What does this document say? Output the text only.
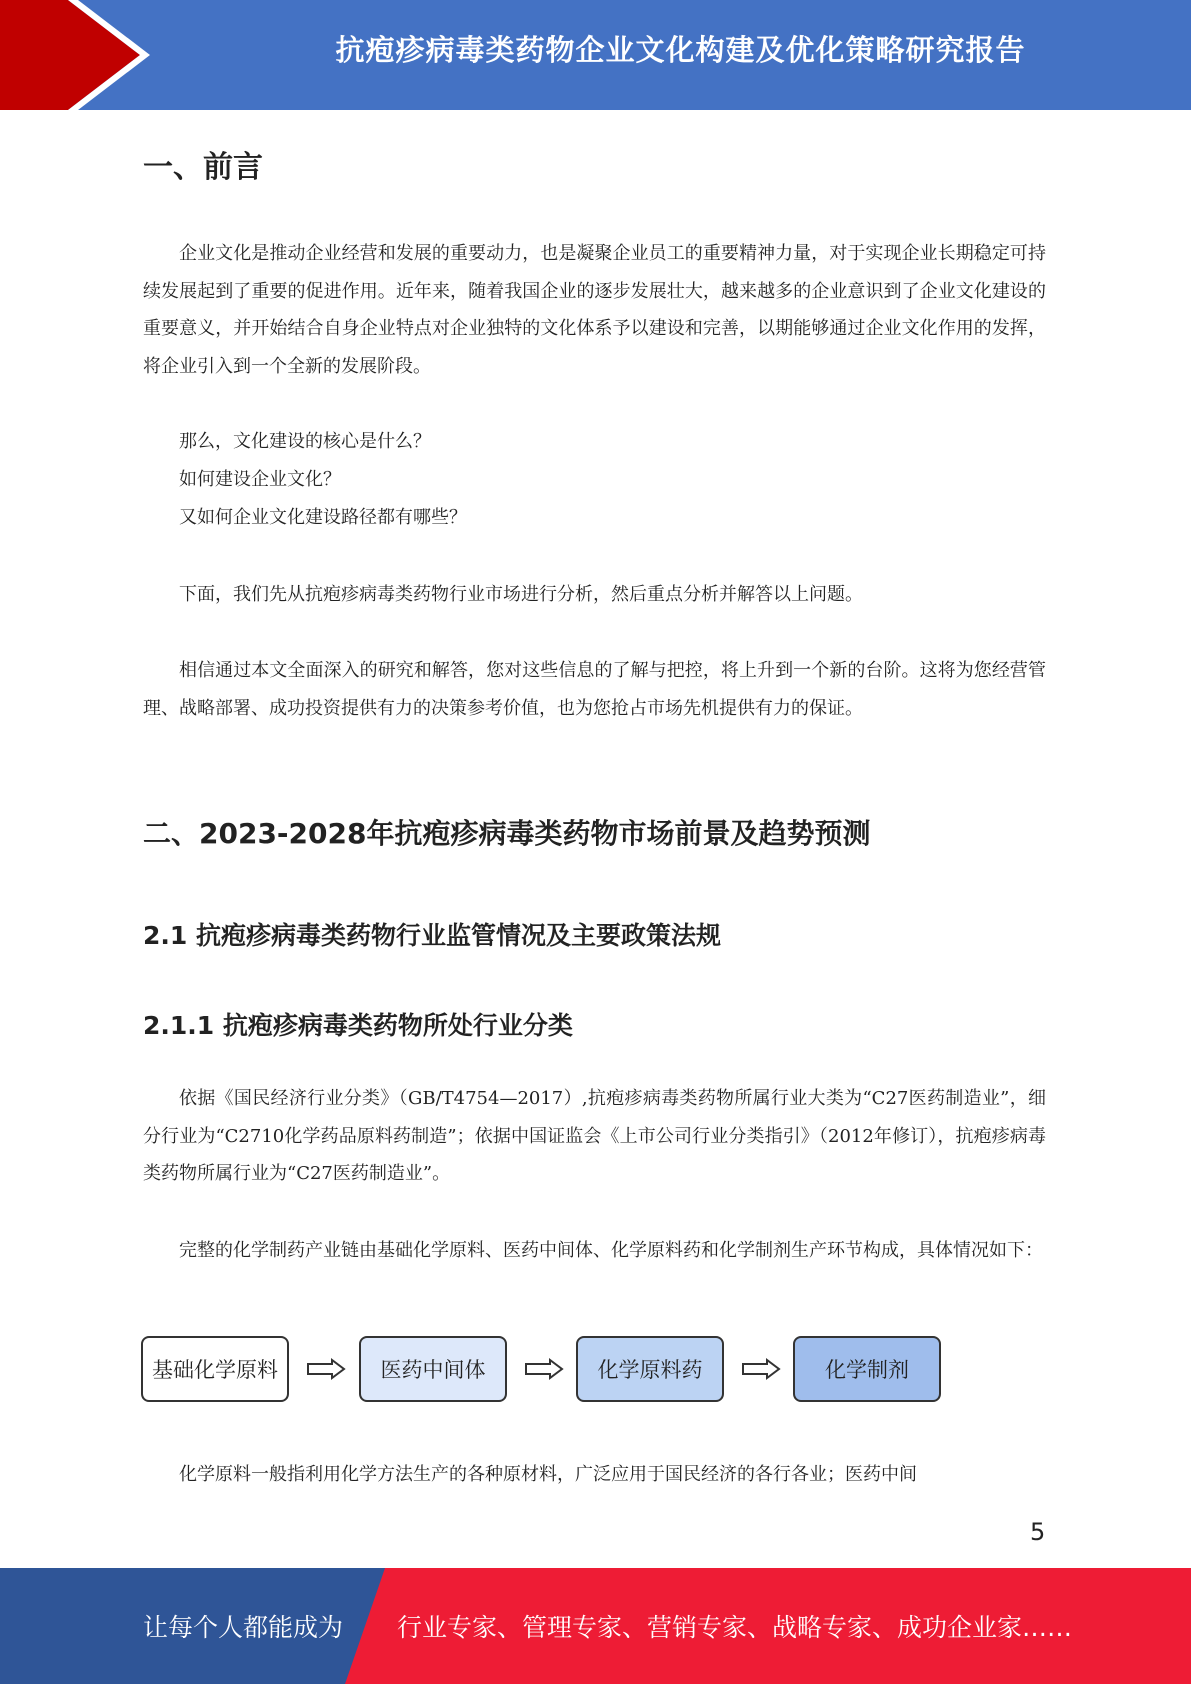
抗疱疹病毒类药物企业文化构建及优化策略研究报告
一、前言

企业文化是推动企业经营和发展的重要动力，也是凝聚企业员工的重要精神力量，对于实现企业长期稳定可持续发展起到了重要的促进作用。近年来，随着我国企业的逐步发展壮大，越来越多的企业意识到了企业文化建设的重要意义，并开始结合自身企业特点对企业独特的文化体系予以建设和完善，以期能够通过企业文化作用的发挥，将企业引入到一个全新的发展阶段。

那么，文化建设的核心是什么？
如何建设企业文化？
又如何企业文化建设路径都有哪些？

下面，我们先从抗疱疹病毒类药物行业市场进行分析，然后重点分析并解答以上问题。

相信通过本文全面深入的研究和解答，您对这些信息的了解与把控，将上升到一个新的台阶。这将为您经营管理、战略部署、成功投资提供有力的决策参考价值，也为您抢占市场先机提供有力的保证。

二、2023-2028年抗疱疹病毒类药物市场前景及趋势预测
2.1 抗疱疹病毒类药物行业监管情况及主要政策法规
2.1.1 抗疱疹病毒类药物所处行业分类

依据《国民经济行业分类》（GB/T4754—2017）,抗疱疹病毒类药物所属行业大类为“C27医药制造业”，细分行业为“C2710化学药品原料药制造”；依据中国证监会《上市公司行业分类指引》（2012年修订），抗疱疹病毒类药物所属行业为“C27医药制造业”。

完整的化学制药产业链由基础化学原料、医药中间体、化学原料药和化学制剂生产环节构成，具体情况如下：

基础化学原料	医药中间体	化学原料药	化学制剂

化学原料一般指利用化学方法生产的各种原材料，广泛应用于国民经济的各行各业；医药中间

5
让每个人都能成为 行业专家、管理专家、营销专家、战略专家、成功企业家……
